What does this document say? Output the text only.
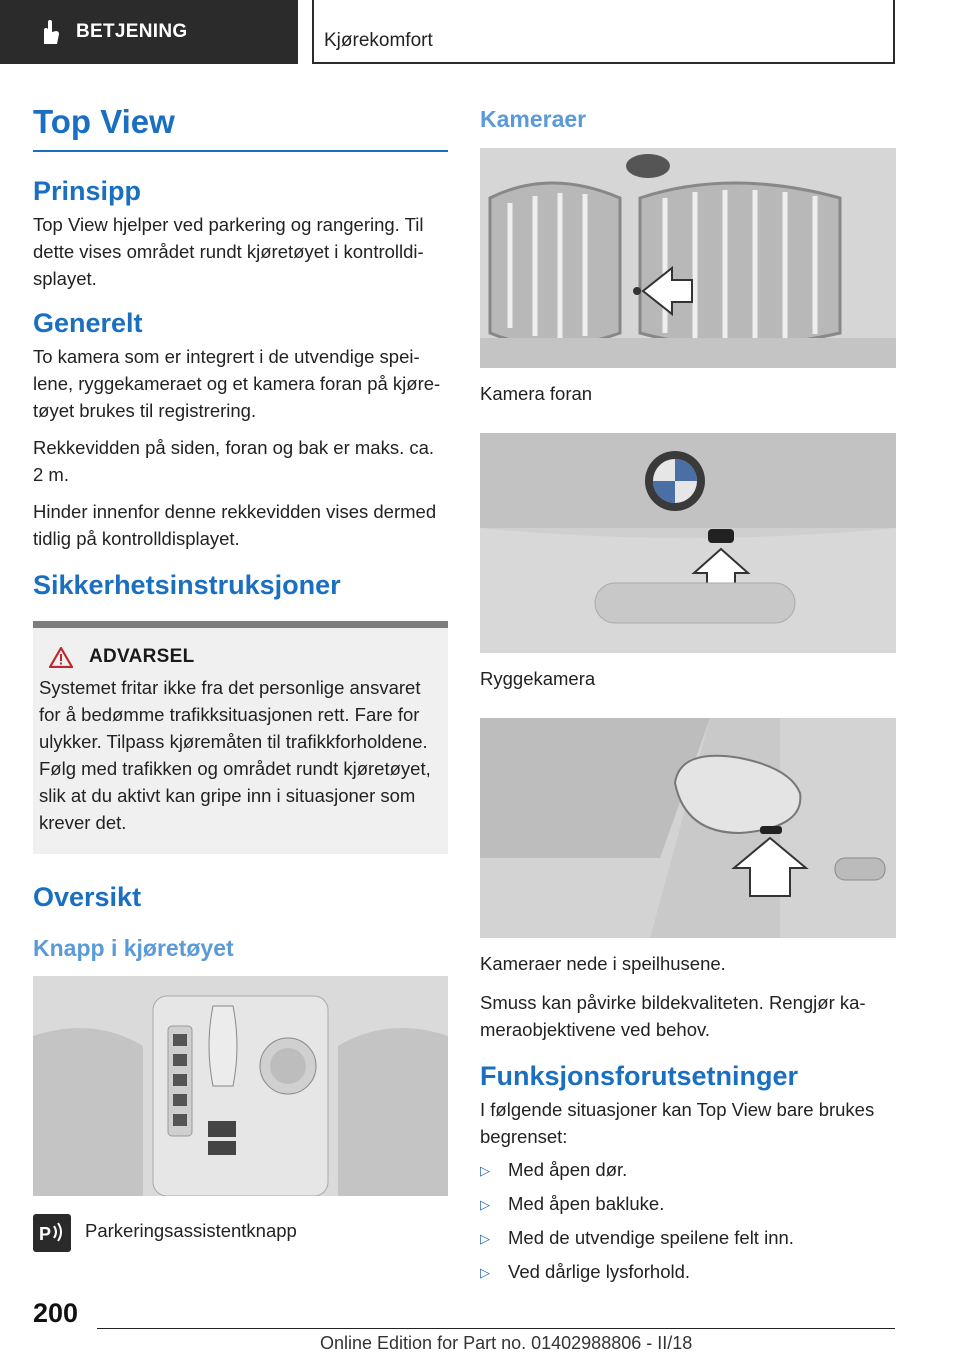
BETJENING	Kjørekomfort
Top View
Prinsipp

Top View hjelper ved parkering og rangering. Til dette vises området rundt kjøretøyet i kontrolldisplayet.

Generelt

To kamera som er integrert i de utvendige speilene, ryggekameraet og et kamera foran på kjøretøyet brukes til registrering.

Rekkevidden på siden, foran og bak er maks. ca. 2 m.

Hinder innenfor denne rekkevidden vises dermed tidlig på kontrolldisplayet.

Sikkerhetsinstruksjoner
ADVARSEL

Systemet fritar ikke fra det personlige ansvaret for å bedømme trafikksituasjonen rett. Fare for ulykker. Tilpass kjøremåten til trafikkforholdene. Følg med trafikken og området rundt kjøretøyet, slik at du aktivt kan gripe inn i situasjoner som krever det.

Oversikt
Knapp i kjøretøyet
P Parkeringsassistentknapp

Kameraer

Kamera foran

Ryggekamera

Kameraer nede i speilhusene.

Smuss kan påvirke bildekvaliteten. Rengjør kameraobjektivene ved behov.

Funksjonsforutsetninger

I følgende situasjoner kan Top View bare brukes begrenset:

▷ Med åpen dør.
▷ Med åpen bakluke.
▷ Med de utvendige speilene felt inn.
▷ Ved dårlige lysforhold.
200
Online Edition for Part no. 01402988806 - II/18
